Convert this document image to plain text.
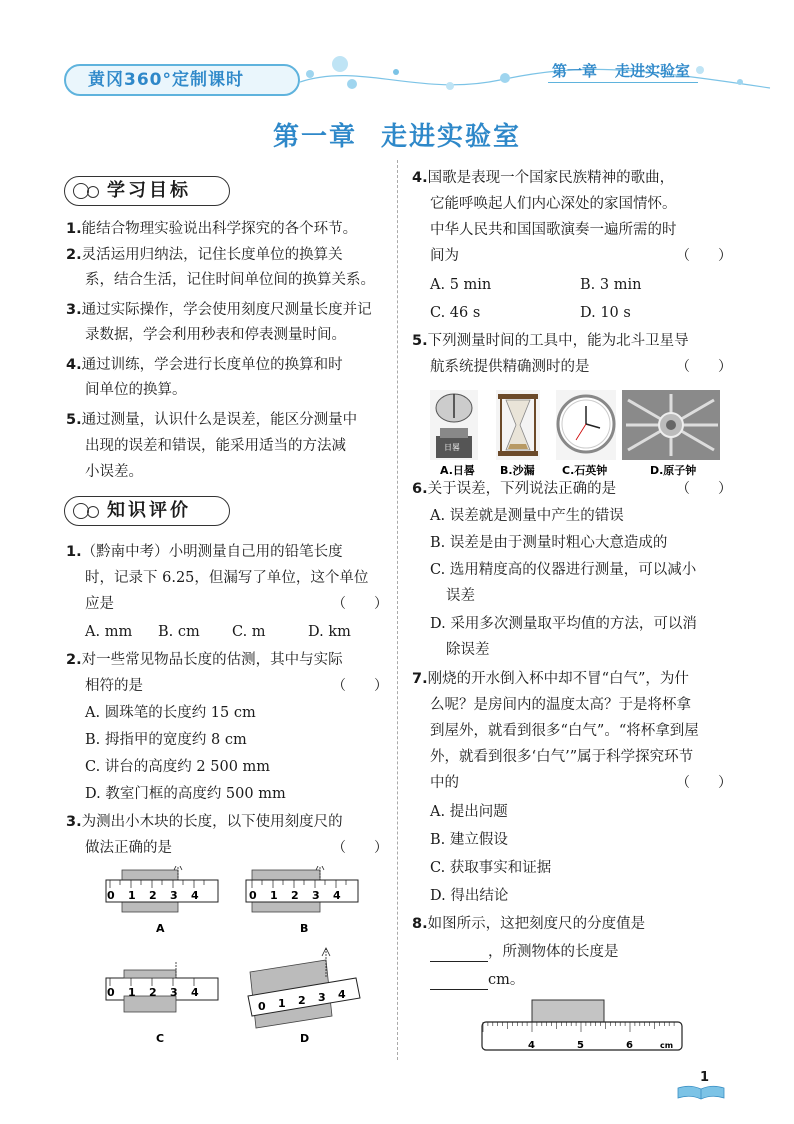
黄冈360°定制课时	第一章 走进实验室
第一章 走进实验室
学习目标
1.能结合物理实验说出科学探究的各个环节。
2.灵活运用归纳法，记住长度单位的换算关
系，结合生活，记住时间单位间的换算关系。
3.通过实际操作，学会使用刻度尺测量长度并记
录数据，学会利用秒表和停表测量时间。
4.通过训练，学会进行长度单位的换算和时
间单位的换算。
5.通过测量，认识什么是误差，能区分测量中
出现的误差和错误，能采用适当的方法减
小误差。
知识评价
1.（黔南中考）小明测量自己用的铅笔长度
时，记录下 6.25，但漏写了单位，这个单位
应是	（　　）
A. mm B. cm C. m	D. km
2.对一些常见物品长度的估测，其中与实际
相符的是	（　　）
A. 圆珠笔的长度约 15 cm
B. 拇指甲的宽度约 8 cm
C. 讲台的高度约 2 500 mm
D. 教室门框的高度约 500 mm
3.为测出小木块的长度，以下使用刻度尺的
做法正确的是	（　　）
0 1 2 3 4
A
0 1 2 3 4
B
0 1 2 3 4
C
0 1 2 3 4
D
4.国歌是表现一个国家民族精神的歌曲，
它能呼唤起人们内心深处的家国情怀。
中华人民共和国国歌演奏一遍所需的时
间为	（　　）
A. 5 min	B. 3 min
C. 46 s	D. 10 s
5.下列测量时间的工具中，能为北斗卫星导
航系统提供精确测时的是	（　　）
日晷
A.日晷 B.沙漏 C.石英钟	D.原子钟
6.关于误差，下列说法正确的是	（　　）
A. 误差就是测量中产生的错误
B. 误差是由于测量时粗心大意造成的
C. 选用精度高的仪器进行测量，可以减小
误差
D. 采用多次测量取平均值的方法，可以消
除误差
7.刚烧的开水倒入杯中却不冒“白气”，为什
么呢？是房间内的温度太高？于是将杯拿
到屋外，就看到很多“白气”。“将杯拿到屋
外，就看到很多‘白气’”属于科学探究环节
中的	（　　）
A. 提出问题
B. 建立假设
C. 获取事实和证据
D. 得出结论
8.如图所示，这把刻度尺的分度值是
，所测物体的长度是
cm。
4	5	6	cm
1
